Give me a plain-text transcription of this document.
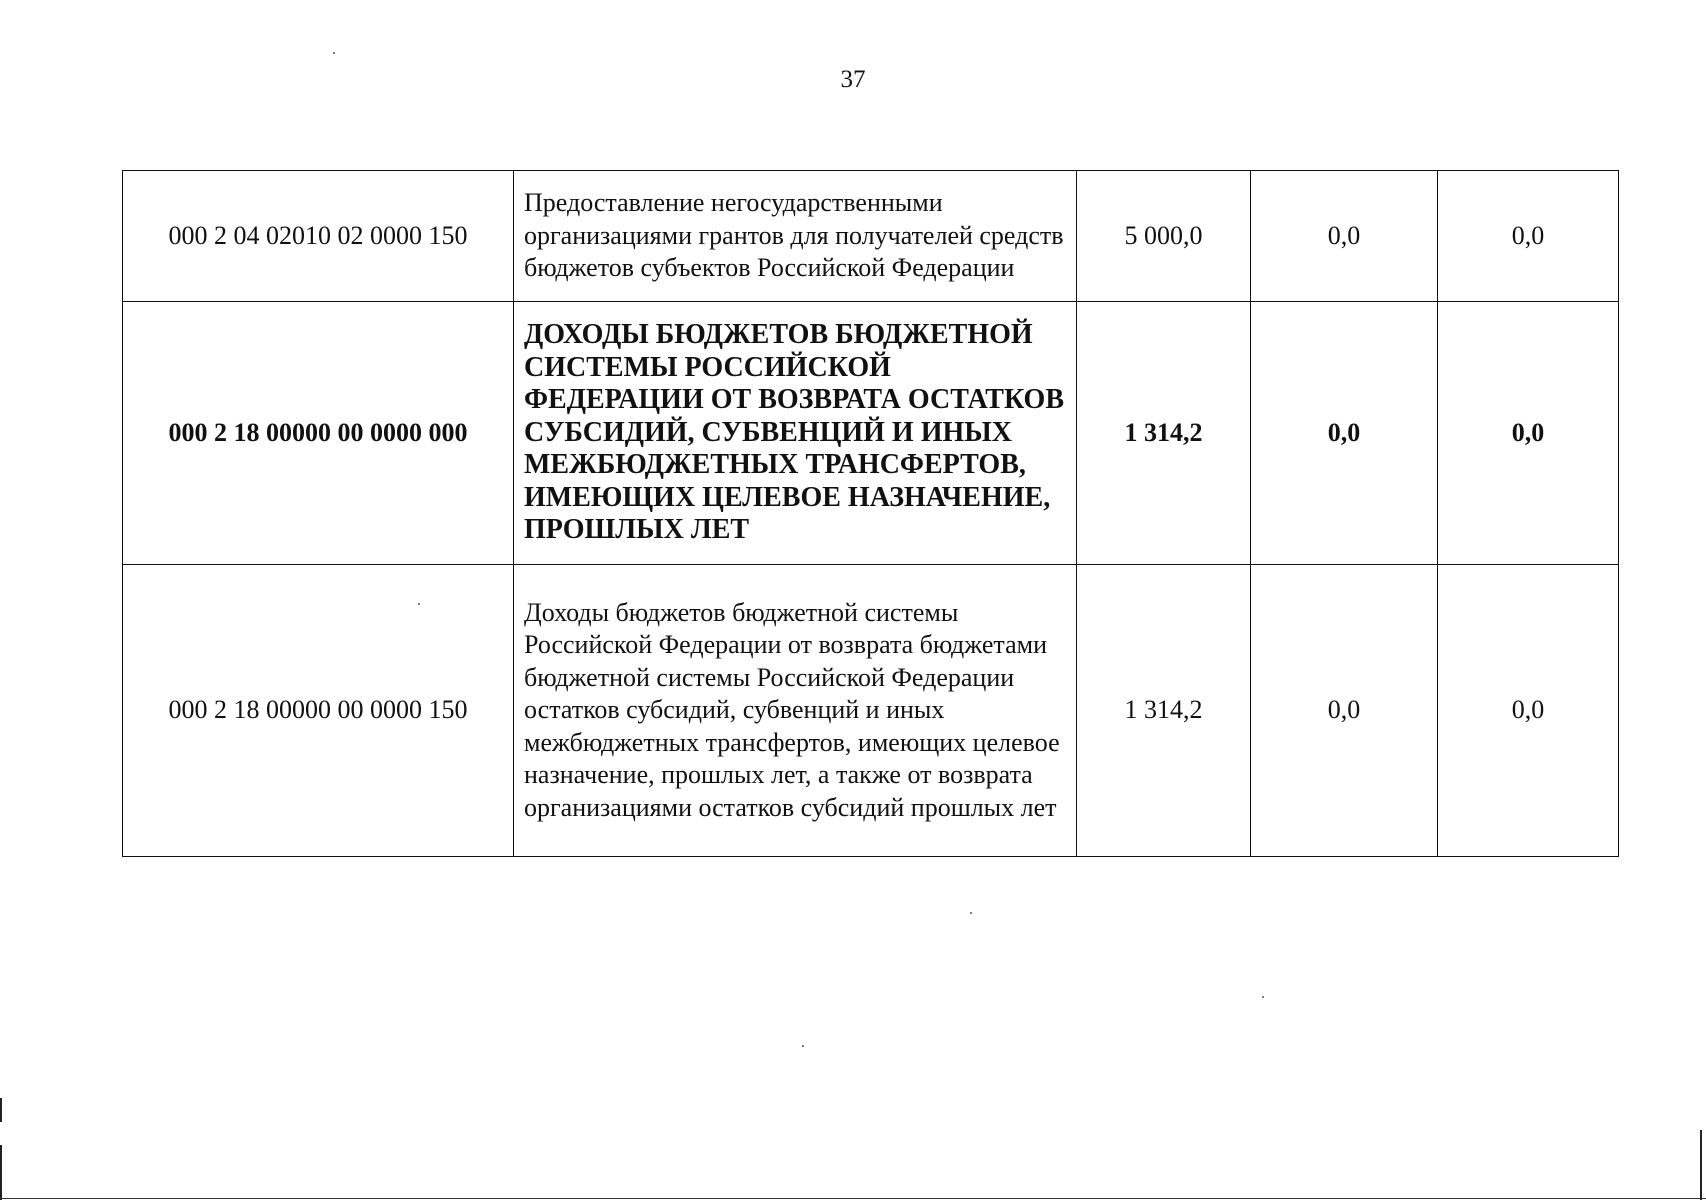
37
000 2 04 02010 02 0000 150	Предоставление негосударственными организациями грантов для получателей средств бюджетов субъектов Российской Федерации	5 000,0	0,0	0,0
000 2 18 00000 00 0000 000	ДОХОДЫ БЮДЖЕТОВ БЮДЖЕТНОЙ СИСТЕМЫ РОССИЙСКОЙ ФЕДЕРАЦИИ ОТ ВОЗВРАТА ОСТАТКОВ СУБСИДИЙ, СУБВЕНЦИЙ И ИНЫХ МЕЖБЮДЖЕТНЫХ ТРАНСФЕРТОВ, ИМЕЮЩИХ ЦЕЛЕВОЕ НАЗНАЧЕНИЕ, ПРОШЛЫХ ЛЕТ	1 314,2	0,0	0,0
000 2 18 00000 00 0000 150	Доходы бюджетов бюджетной системы Российской Федерации от возврата бюджетами бюджетной системы Российской Федерации остатков субсидий, субвенций и иных межбюджетных трансфертов, имеющих целевое назначение, прошлых лет, а также от возврата организациями остатков субсидий прошлых лет	1 314,2	0,0	0,0
